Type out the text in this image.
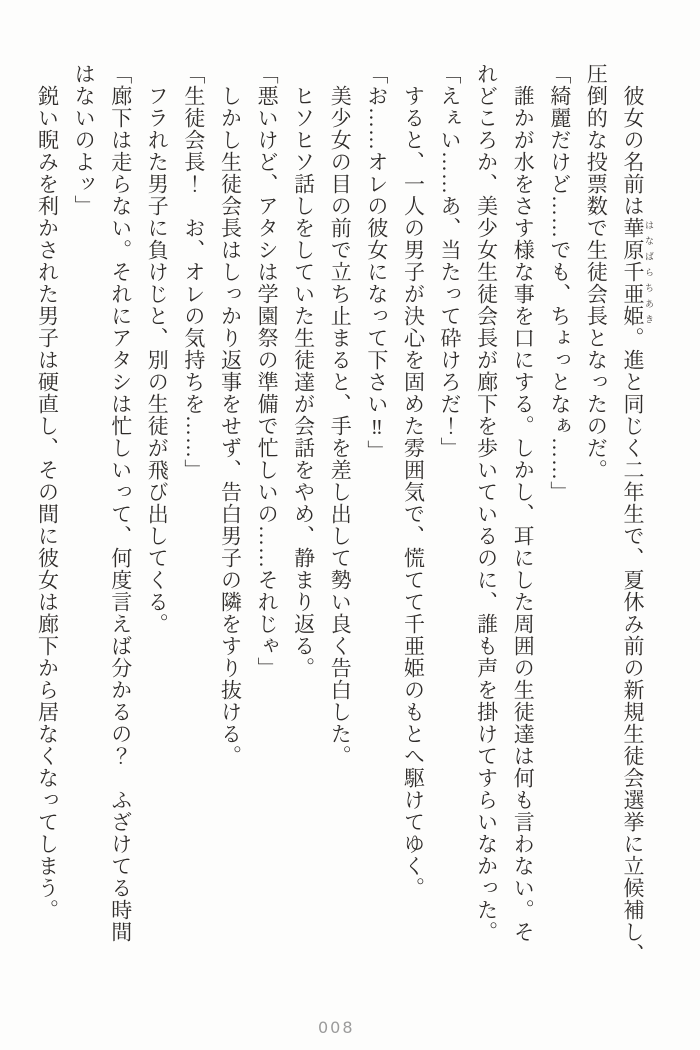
　彼女の名前は華原千亜姫 はなばらちあき。進と同じく二年生で、夏休み前の新規生徒会選挙に立候補し、
圧倒的な投票数で生徒会長となったのだ。
「綺麗だけど……でも、ちょっとなぁ……」
　誰かが水をさす様な事を口にする。しかし、耳にした周囲の生徒達は何も言わない。そ
れどころか、美少女生徒会長が廊下を歩いているのに、誰も声を掛けてすらいなかった。
「えぇい……あ、当たって砕けろだ！」
　すると、一人の男子が決心を固めた雰囲気で、慌てて千亜姫のもとへ駆けてゆく。
「お……オレの彼女になって下さい‼」
　美少女の目の前で立ち止まると、手を差し出して勢い良く告白した。
　ヒソヒソ話しをしていた生徒達が会話をやめ、静まり返る。
「悪いけど、アタシは学園祭の準備で忙しいの……それじゃ」
　しかし生徒会長はしっかり返事をせず、告白男子の隣をすり抜ける。
「生徒会長！　お、オレの気持ちを……」
　フラれた男子に負けじと、別の生徒が飛び出してくる。
「廊下は走らない。それにアタシは忙しいって、何度言えば分かるの？　ふざけてる時間
はないのよッ」
　鋭い睨みを利かされた男子は硬直し、その間に彼女は廊下から居なくなってしまう。
008
